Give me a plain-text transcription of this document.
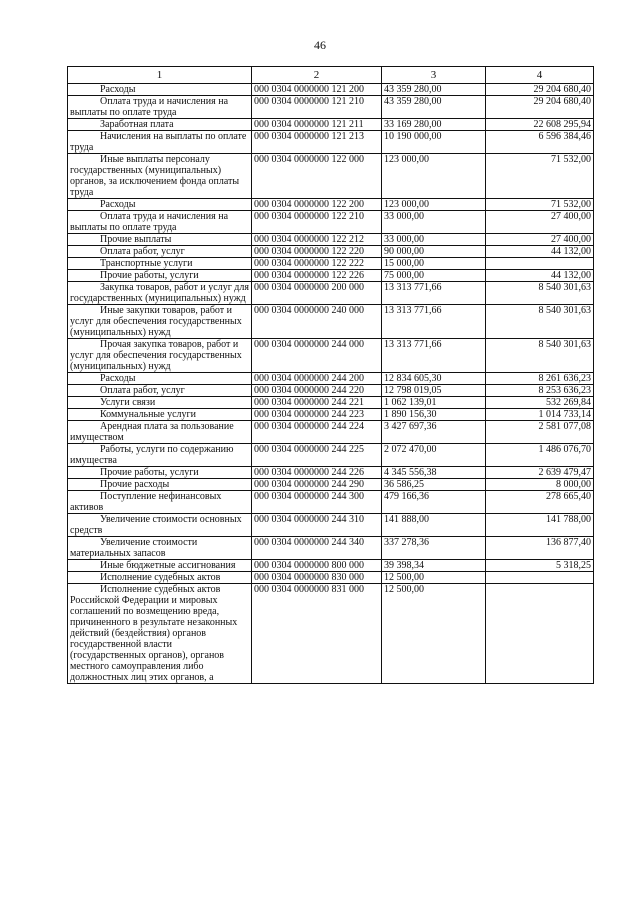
46
1	2	3	4
Расходы	000 0304 0000000 121 200	43 359 280,00	29 204 680,40
Оплата труда и начисления на выплаты по оплате труда	000 0304 0000000 121 210	43 359 280,00	29 204 680,40
Заработная плата	000 0304 0000000 121 211	33 169 280,00	22 608 295,94
Начисления на выплаты по оплате труда	000 0304 0000000 121 213	10 190 000,00	6 596 384,46
Иные выплаты персоналу государственных (муниципальных) органов, за исключением фонда оплаты труда	000 0304 0000000 122 000	123 000,00	71 532,00
Расходы	000 0304 0000000 122 200	123 000,00	71 532,00
Оплата труда и начисления на выплаты по оплате труда	000 0304 0000000 122 210	33 000,00	27 400,00
Прочие выплаты	000 0304 0000000 122 212	33 000,00	27 400,00
Оплата работ, услуг	000 0304 0000000 122 220	90 000,00	44 132,00
Транспортные услуги	000 0304 0000000 122 222	15 000,00	
Прочие работы, услуги	000 0304 0000000 122 226	75 000,00	44 132,00
Закупка товаров, работ и услуг для государственных (муниципальных) нужд	000 0304 0000000 200 000	13 313 771,66	8 540 301,63
Иные закупки товаров, работ и услуг для обеспечения государственных (муниципальных) нужд	000 0304 0000000 240 000	13 313 771,66	8 540 301,63
Прочая закупка товаров, работ и услуг для обеспечения государственных (муниципальных) нужд	000 0304 0000000 244 000	13 313 771,66	8 540 301,63
Расходы	000 0304 0000000 244 200	12 834 605,30	8 261 636,23
Оплата работ, услуг	000 0304 0000000 244 220	12 798 019,05	8 253 636,23
Услуги связи	000 0304 0000000 244 221	1 062 139,01	532 269,84
Коммунальные услуги	000 0304 0000000 244 223	1 890 156,30	1 014 733,14
Арендная плата за пользование имуществом	000 0304 0000000 244 224	3 427 697,36	2 581 077,08
Работы, услуги по содержанию имущества	000 0304 0000000 244 225	2 072 470,00	1 486 076,70
Прочие работы, услуги	000 0304 0000000 244 226	4 345 556,38	2 639 479,47
Прочие расходы	000 0304 0000000 244 290	36 586,25	8 000,00
Поступление нефинансовых активов	000 0304 0000000 244 300	479 166,36	278 665,40
Увеличение стоимости основных средств	000 0304 0000000 244 310	141 888,00	141 788,00
Увеличение стоимости материальных запасов	000 0304 0000000 244 340	337 278,36	136 877,40
Иные бюджетные ассигнования	000 0304 0000000 800 000	39 398,34	5 318,25
Исполнение судебных актов	000 0304 0000000 830 000	12 500,00	
Исполнение судебных актов Российской Федерации и мировых соглашений по возмещению вреда, причиненного в результате незаконных действий (бездействия) органов государственной власти (государственных органов), органов местного самоуправления либо должностных лиц этих органов, а	000 0304 0000000 831 000	12 500,00	
